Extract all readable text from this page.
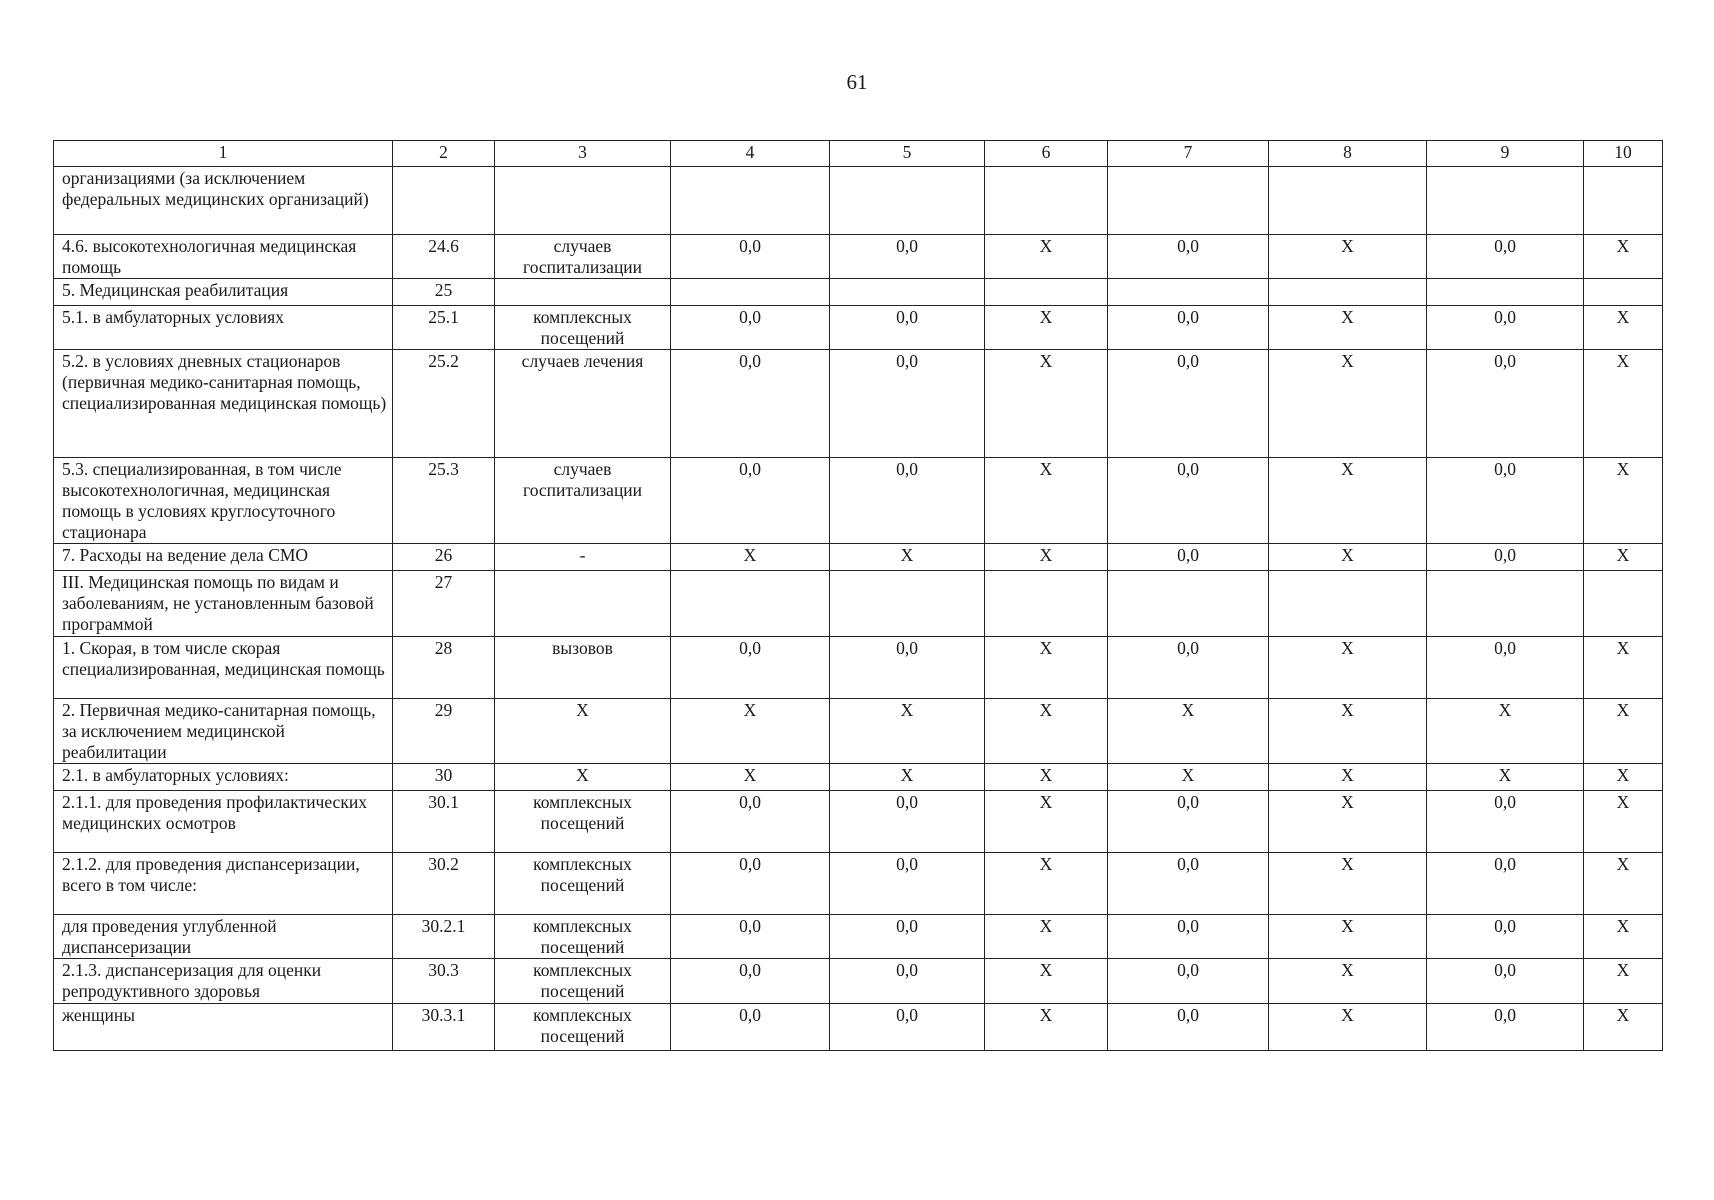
61
1	2	3	4	5	6	7	8	9	10
организациями (за исключением федеральных медицинских организаций)									
4.6. высокотехнологичная медицинская помощь	24.6	случаев госпитализации	0,0	0,0	X	0,0	X	0,0	X
5. Медицинская реабилитация	25								
5.1. в амбулаторных условиях	25.1	комплексных посещений	0,0	0,0	X	0,0	X	0,0	X
5.2. в условиях дневных стационаров (первичная медико-санитарная помощь, специализированная медицинская помощь)	25.2	случаев лечения	0,0	0,0	X	0,0	X	0,0	X
5.3. специализированная, в том числе высокотехнологичная, медицинская помощь в условиях круглосуточного стационара	25.3	случаев госпитализации	0,0	0,0	X	0,0	X	0,0	X
7. Расходы на ведение дела СМО	26	-	X	X	X	0,0	X	0,0	X
III. Медицинская помощь по видам и заболеваниям, не установленным базовой программой	27								
1. Скорая, в том числе скорая специализированная, медицинская помощь	28	вызовов	0,0	0,0	X	0,0	X	0,0	X
2. Первичная медико-санитарная помощь, за исключением медицинской реабилитации	29	X	X	X	X	X	X	X	X
2.1. в амбулаторных условиях:	30	X	X	X	X	X	X	X	X
2.1.1. для проведения профилактических медицинских осмотров	30.1	комплексных посещений	0,0	0,0	X	0,0	X	0,0	X
2.1.2. для проведения диспансеризации, всего в том числе:	30.2	комплексных посещений	0,0	0,0	X	0,0	X	0,0	X
для проведения углубленной диспансеризации	30.2.1	комплексных посещений	0,0	0,0	X	0,0	X	0,0	X
2.1.3. диспансеризация для оценки репродуктивного здоровья	30.3	комплексных посещений	0,0	0,0	X	0,0	X	0,0	X
женщины	30.3.1	комплексных посещений	0,0	0,0	X	0,0	X	0,0	X
